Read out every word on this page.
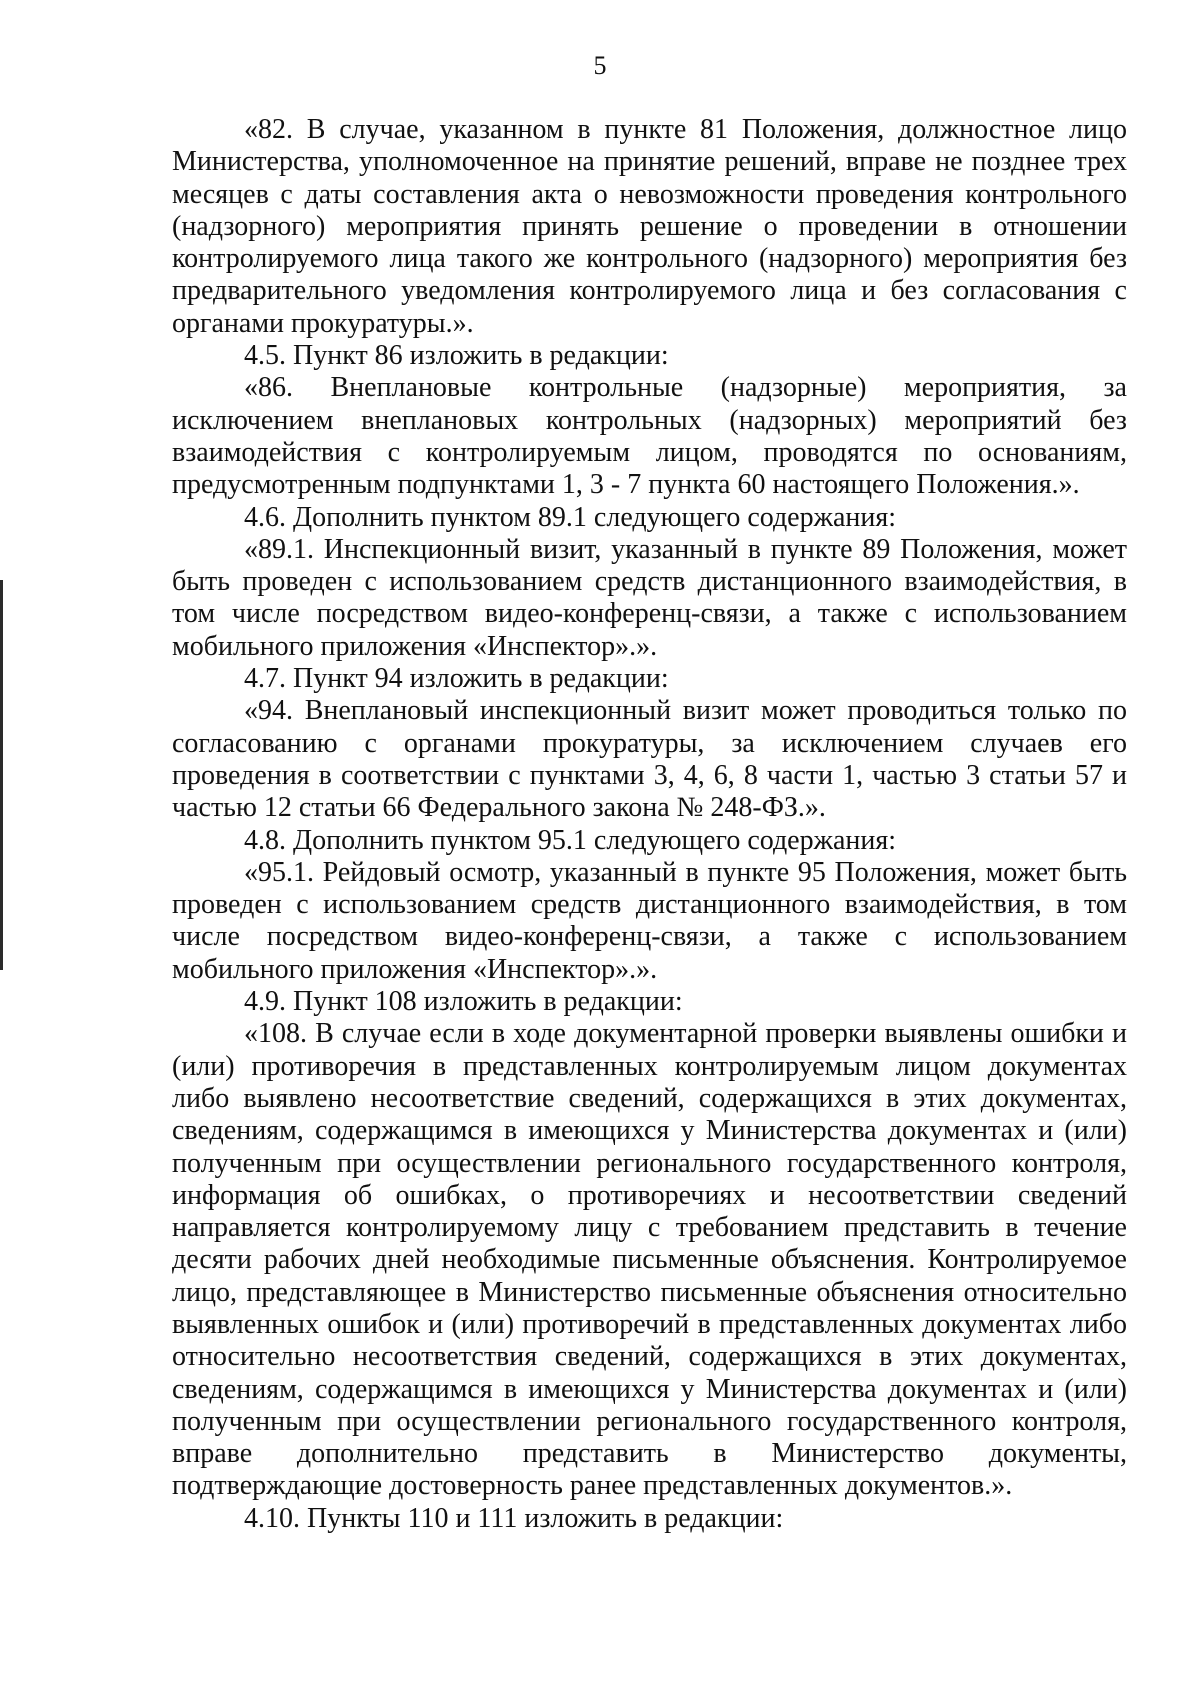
5

«82. В случае, указанном в пункте 81 Положения, должностное лицо Министерства, уполномоченное на принятие решений, вправе не позднее трех месяцев с даты составления акта о невозможности проведения контрольного (надзорного) мероприятия принять решение о проведении в отношении контролируемого лица такого же контрольного (надзорного) мероприятия без предварительного уведомления контролируемого лица и без согласования с органами прокуратуры.».

4.5. Пункт 86 изложить в редакции:

«86. Внеплановые контрольные (надзорные) мероприятия, за исключением внеплановых контрольных (надзорных) мероприятий без взаимодействия с контролируемым лицом, проводятся по основаниям, предусмотренным подпунктами 1, 3 - 7 пункта 60 настоящего Положения.».

4.6. Дополнить пунктом 89.1 следующего содержания:

«89.1. Инспекционный визит, указанный в пункте 89 Положения, может быть проведен с использованием средств дистанционного взаимодействия, в том числе посредством видео-конференц-связи, а также с использованием мобильного приложения «Инспектор».».

4.7. Пункт 94 изложить в редакции:

«94. Внеплановый инспекционный визит может проводиться только по согласованию с органами прокуратуры, за исключением случаев его проведения в соответствии с пунктами 3, 4, 6, 8 части 1, частью 3 статьи 57 и частью 12 статьи 66 Федерального закона № 248-ФЗ.».

4.8. Дополнить пунктом 95.1 следующего содержания:

«95.1. Рейдовый осмотр, указанный в пункте 95 Положения, может быть проведен с использованием средств дистанционного взаимодействия, в том числе посредством видео-конференц-связи, а также с использованием мобильного приложения «Инспектор».».

4.9. Пункт 108 изложить в редакции:

«108. В случае если в ходе документарной проверки выявлены ошибки и (или) противоречия в представленных контролируемым лицом документах либо выявлено несоответствие сведений, содержащихся в этих документах, сведениям, содержащимся в имеющихся у Министерства документах и (или) полученным при осуществлении регионального государственного контроля, информация об ошибках, о противоречиях и несоответствии сведений направляется контролируемому лицу с требованием представить в течение десяти рабочих дней необходимые письменные объяснения. Контролируемое лицо, представляющее в Министерство письменные объяснения относительно выявленных ошибок и (или) противоречий в представленных документах либо относительно несоответствия сведений, содержащихся в этих документах, сведениям, содержащимся в имеющихся у Министерства документах и (или) полученным при осуществлении регионального государственного контроля, вправе дополнительно представить в Министерство документы, подтверждающие достоверность ранее представленных документов.».

4.10. Пункты 110 и 111 изложить в редакции:
